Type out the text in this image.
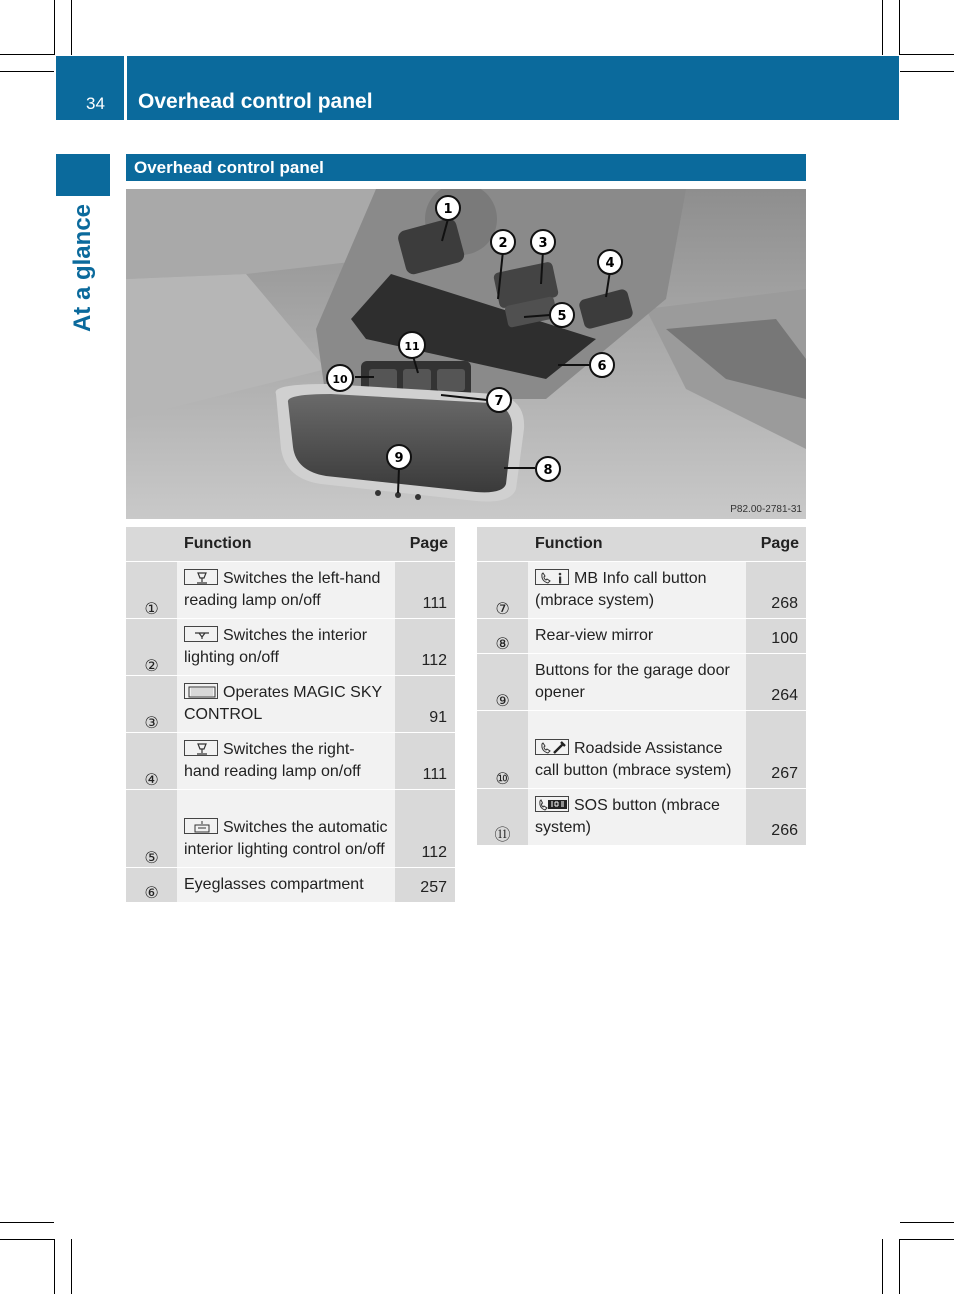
34 Overhead control panel
At a glance
Overhead control panel
1
2 3
4
5
6
7
8
9
10
11
P82.00-2781-31
	Function	Page
①	Switches the left-hand reading lamp on/off	111
②	Switches the interior lighting on/off	112
③	Operates MAGIC SKY CONTROL	91
④	Switches the right-hand reading lamp on/off	111
⑤	Switches the automatic interior lighting control on/off	112
⑥	Eyeglasses compartment	257
	Function	Page
⑦	MB Info call button (mbrace system)	268
⑧	Rear-view mirror	100
⑨	Buttons for the garage door opener	264
⑩	Roadside Assistance call button (mbrace system)	267
⑪	SOS button (mbrace system)	266
